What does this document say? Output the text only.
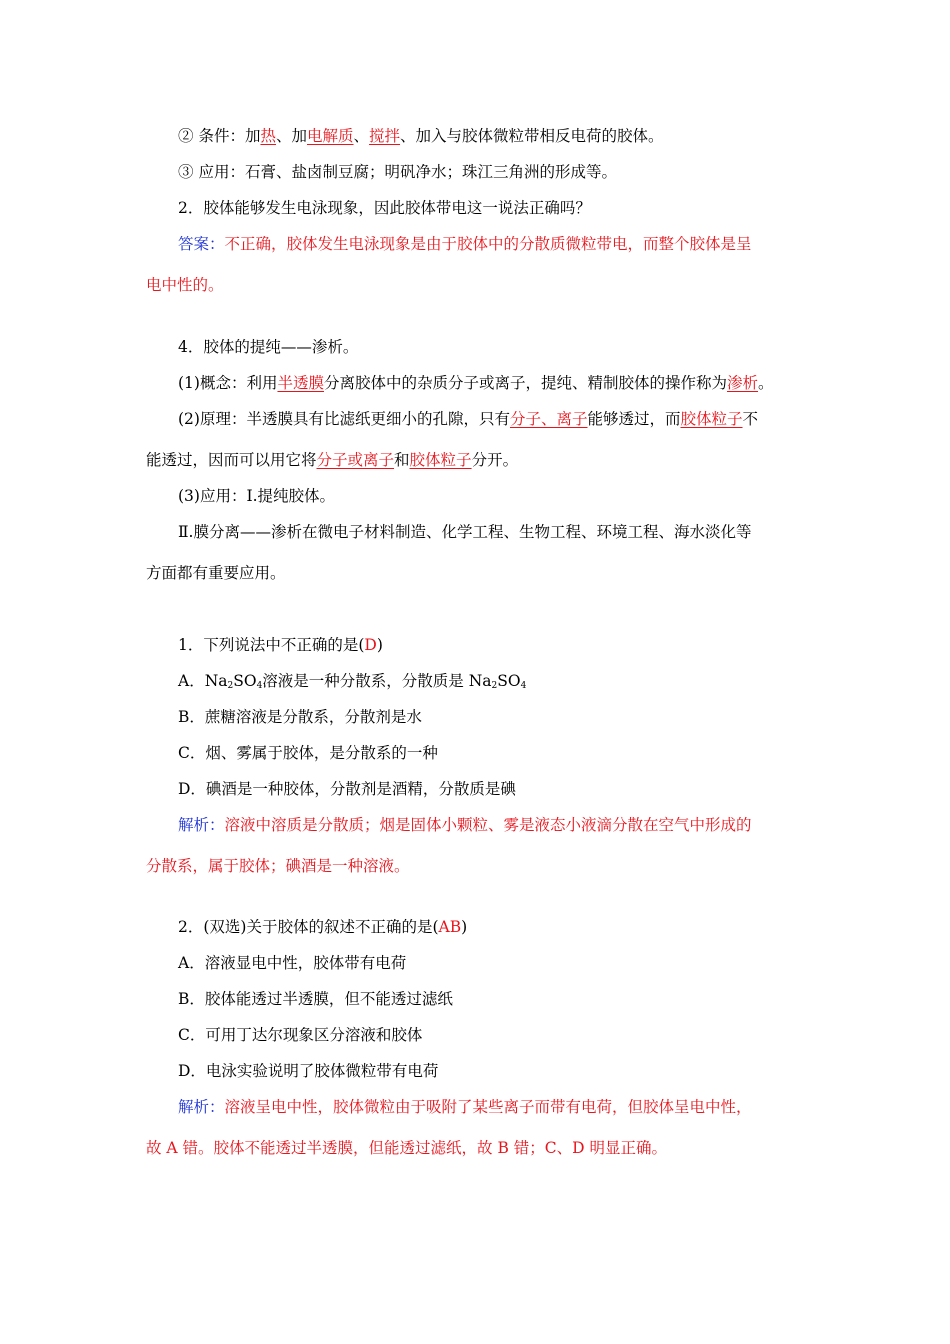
② 条件：加热、加电解质、搅拌、加入与胶体微粒带相反电荷的胶体。
③ 应用：石膏、盐卤制豆腐；明矾净水；珠江三角洲的形成等。
2．胶体能够发生电泳现象，因此胶体带电这一说法正确吗？
答案：不正确，胶体发生电泳现象是由于胶体中的分散质微粒带电，而整个胶体是呈
电中性的。
4．胶体的提纯——渗析。
(1)概念：利用半透膜分离胶体中的杂质分子或离子，提纯、精制胶体的操作称为渗析。
(2)原理：半透膜具有比滤纸更细小的孔隙，只有分子、离子能够透过，而胶体粒子不
能透过，因而可以用它将分子或离子和胶体粒子分开。
(3)应用：Ⅰ.提纯胶体。
Ⅱ.膜分离——渗析在微电子材料制造、化学工程、生物工程、环境工程、海水淡化等
方面都有重要应用。
1．下列说法中不正确的是(D)
A．$Na_2SO_4$溶液是一种分散系，分散质是 $Na_2SO_4$
B．蔗糖溶液是分散系，分散剂是水
C．烟、雾属于胶体，是分散系的一种
D．碘酒是一种胶体，分散剂是酒精，分散质是碘
解析：溶液中溶质是分散质；烟是固体小颗粒、雾是液态小液滴分散在空气中形成的
分散系，属于胶体；碘酒是一种溶液。
2．(双选)关于胶体的叙述不正确的是(AB)
A．溶液显电中性，胶体带有电荷
B．胶体能透过半透膜，但不能透过滤纸
C．可用丁达尔现象区分溶液和胶体
D．电泳实验说明了胶体微粒带有电荷
解析：溶液呈电中性，胶体微粒由于吸附了某些离子而带有电荷，但胶体呈电中性，
故 A 错。胶体不能透过半透膜，但能透过滤纸，故 B 错；C、D 明显正确。
